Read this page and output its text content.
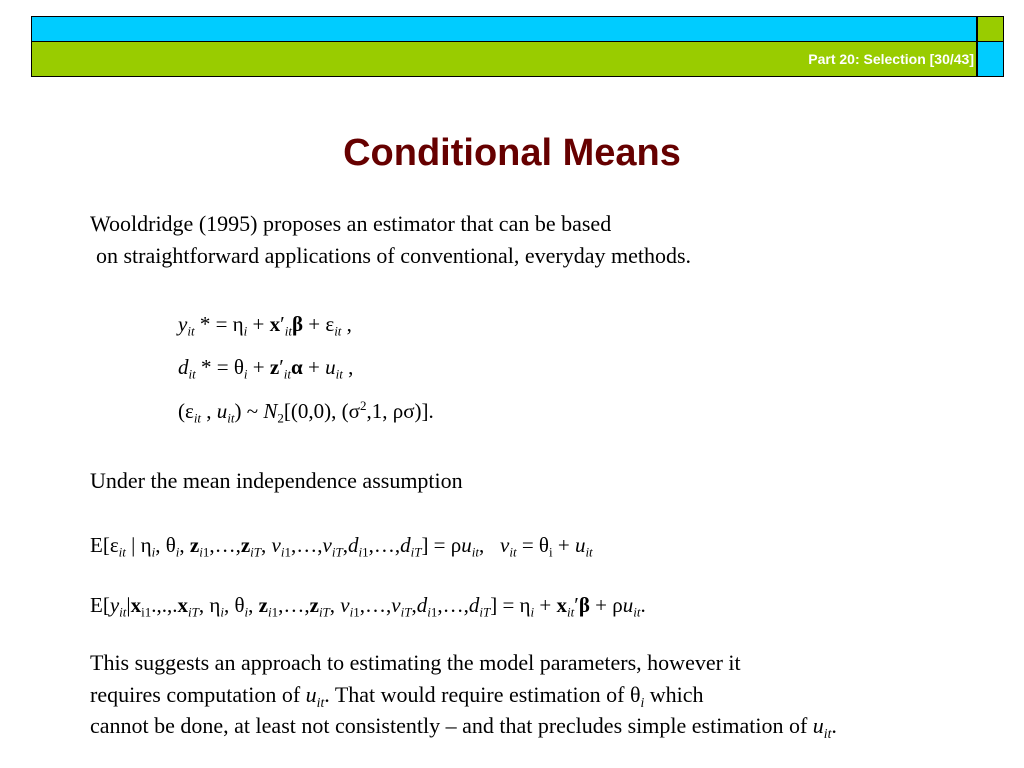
Part 20: Selection [30/43]
Conditional Means
Wooldridge (1995) proposes an estimator that can be based
on straightforward applications of conventional, everyday methods.
$y_{it}$ * = $\eta_i + x'_{it}\beta + \varepsilon_{it}$ ,
$d_{it}$ * = $\theta_i + z'_{it}\alpha + u_{it}$ ,
($\varepsilon_{it}$ , $u_{it}$) ~ $N_2[(0,0)$, ($\sigma^2,1$, ρσ)].
Under the mean independence assumption
$E[\varepsilon_{it}$ | $\eta_i$, $\theta_i$, $z_{i1},\dots,z_{iT}$, $v_{i1},\dots,v_{iT},d_{i1},\dots,d_{iT}] = \rho u_{it}$,   $v_{it} = \theta_i + u_{it}$
$E[y_{it}|x_{i1}.,.,.x_{iT}$, $\eta_i$, $\theta_i$, $z_{i1},\dots,z_{iT}$, $v_{i1},\dots,v_{iT},d_{i1},\dots,d_{iT}] = \eta_i + x_{it}'\beta + \rho u_{it}$.
This suggests an approach to estimating the model parameters, however it
requires computation of $u_{it}$. That would require estimation of $\theta_i$ which
cannot be done, at least not consistently – and that precludes simple estimation of $u_{it}$.
